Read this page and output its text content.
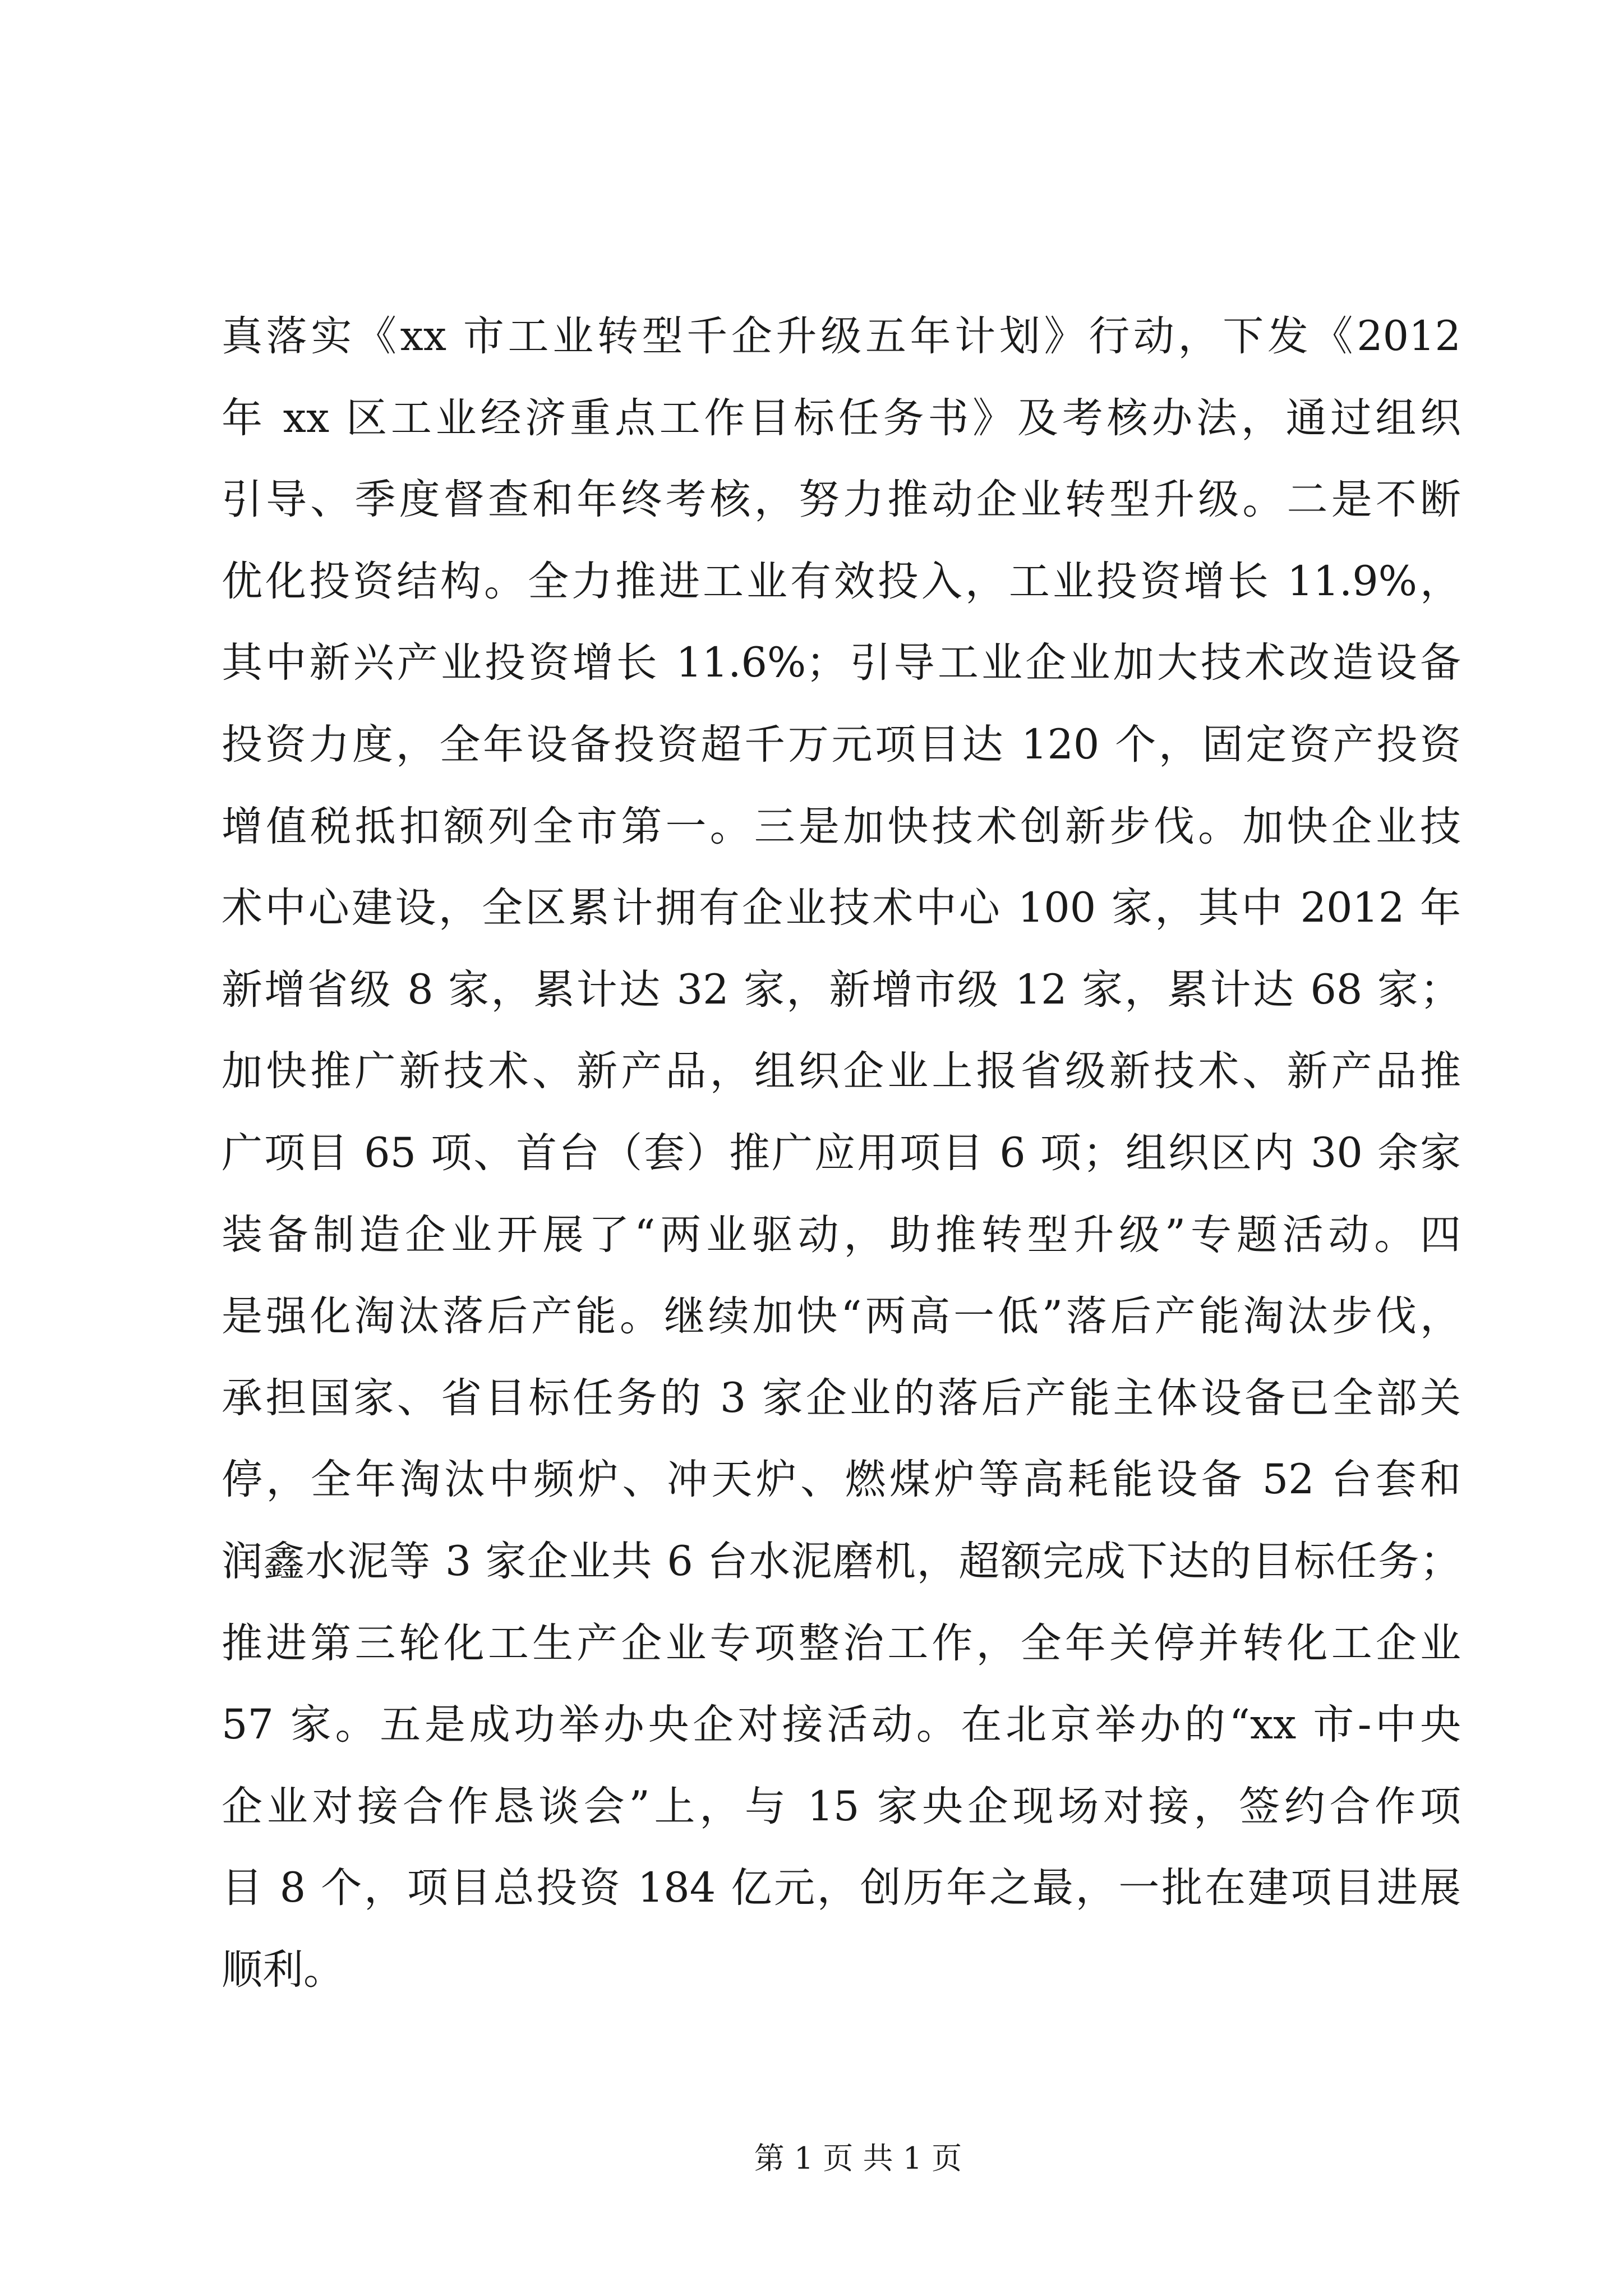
真落实《xx 市工业转型千企升级五年计划》行动，下发《2012
年 xx 区工业经济重点工作目标任务书》及考核办法，通过组织
引导、季度督查和年终考核，努力推动企业转型升级。二是不断
优化投资结构。全力推进工业有效投入，工业投资增长 11.9%，
其中新兴产业投资增长 11.6%；引导工业企业加大技术改造设备
投资力度，全年设备投资超千万元项目达 120 个，固定资产投资
增值税抵扣额列全市第一。三是加快技术创新步伐。加快企业技
术中心建设，全区累计拥有企业技术中心 100 家，其中 2012 年
新增省级 8 家，累计达 32 家，新增市级 12 家，累计达 68 家；
加快推广新技术、新产品，组织企业上报省级新技术、新产品推
广项目 65 项、首台（套）推广应用项目 6 项；组织区内 30 余家
装备制造企业开展了“两业驱动，助推转型升级”专题活动。四
是强化淘汰落后产能。继续加快“两高一低”落后产能淘汰步伐，
承担国家、省目标任务的 3 家企业的落后产能主体设备已全部关
停，全年淘汰中频炉、冲天炉、燃煤炉等高耗能设备 52 台套和
润鑫水泥等 3 家企业共 6 台水泥磨机，超额完成下达的目标任务；
推进第三轮化工生产企业专项整治工作，全年关停并转化工企业
57 家。五是成功举办央企对接活动。在北京举办的“xx 市-中央
企业对接合作恳谈会”上，与 15 家央企现场对接，签约合作项
目 8 个，项目总投资 184 亿元，创历年之最，一批在建项目进展
顺利。
第 1 页 共 1 页
